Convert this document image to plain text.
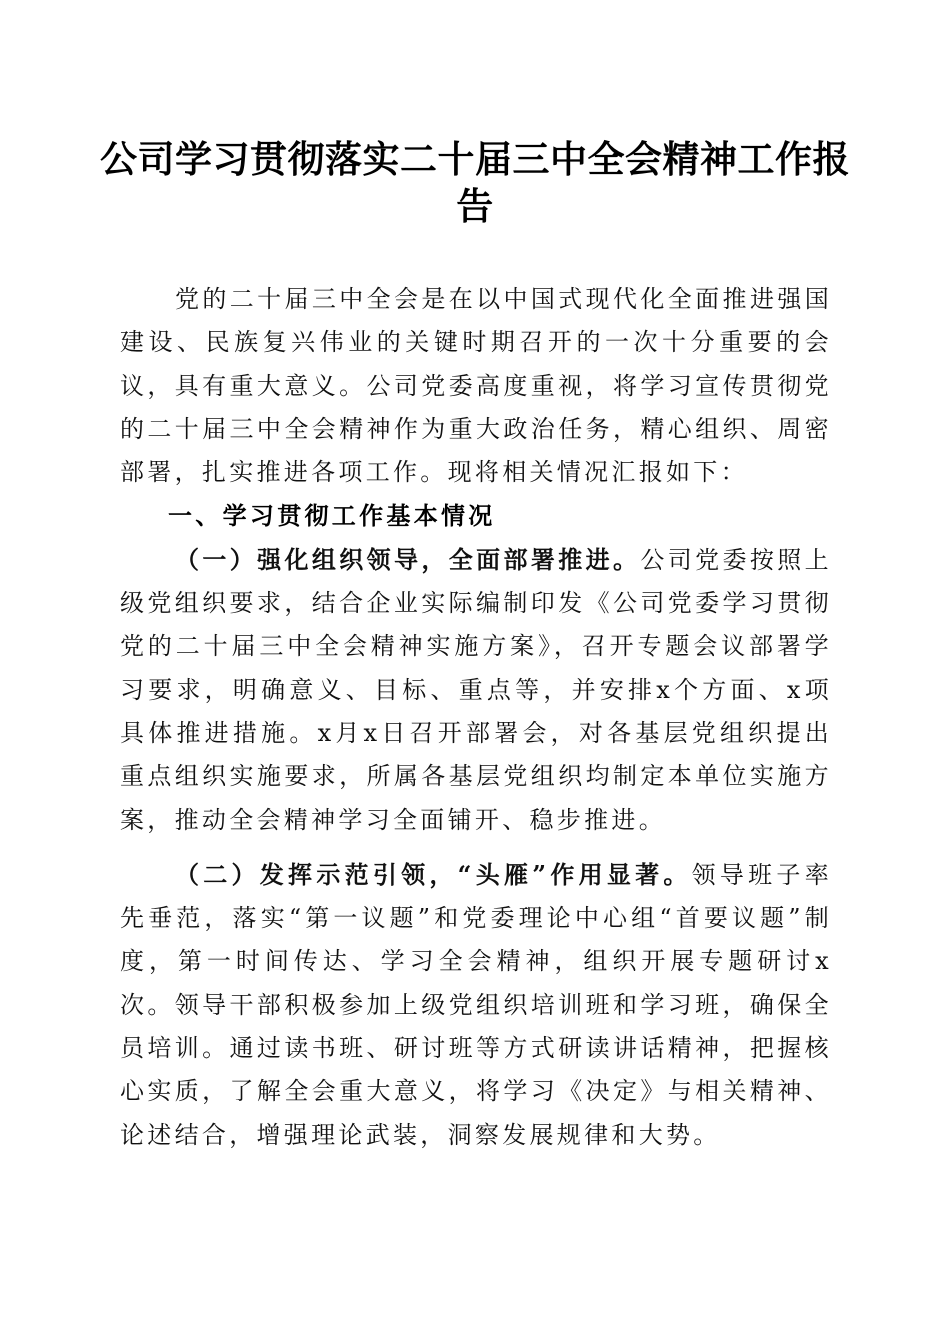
公司学习贯彻落实二十届三中全会精神工作报告

党的二十届三中全会是在以中国式现代化全面推进强国建设、民族复兴伟业的关键时期召开的一次十分重要的会议，具有重大意义。公司党委高度重视，将学习宣传贯彻党的二十届三中全会精神作为重大政治任务，精心组织、周密部署，扎实推进各项工作。现将相关情况汇报如下：

一、学习贯彻工作基本情况

（一）强化组织领导，全面部署推进。公司党委按照上级党组织要求，结合企业实际编制印发《公司党委学习贯彻党的二十届三中全会精神实施方案》，召开专题会议部署学习要求，明确意义、目标、重点等，并安排x个方面、x项具体推进措施。x月x日召开部署会，对各基层党组织提出重点组织实施要求，所属各基层党组织均制定本单位实施方案，推动全会精神学习全面铺开、稳步推进。

（二）发挥示范引领，“头雁”作用显著。领导班子率先垂范，落实“第一议题”和党委理论中心组“首要议题”制度，第一时间传达、学习全会精神，组织开展专题研讨x次。领导干部积极参加上级党组织培训班和学习班，确保全员培训。通过读书班、研讨班等方式研读讲话精神，把握核心实质，了解全会重大意义，将学习《决定》与相关精神、论述结合，增强理论武装，洞察发展规律和大势。
